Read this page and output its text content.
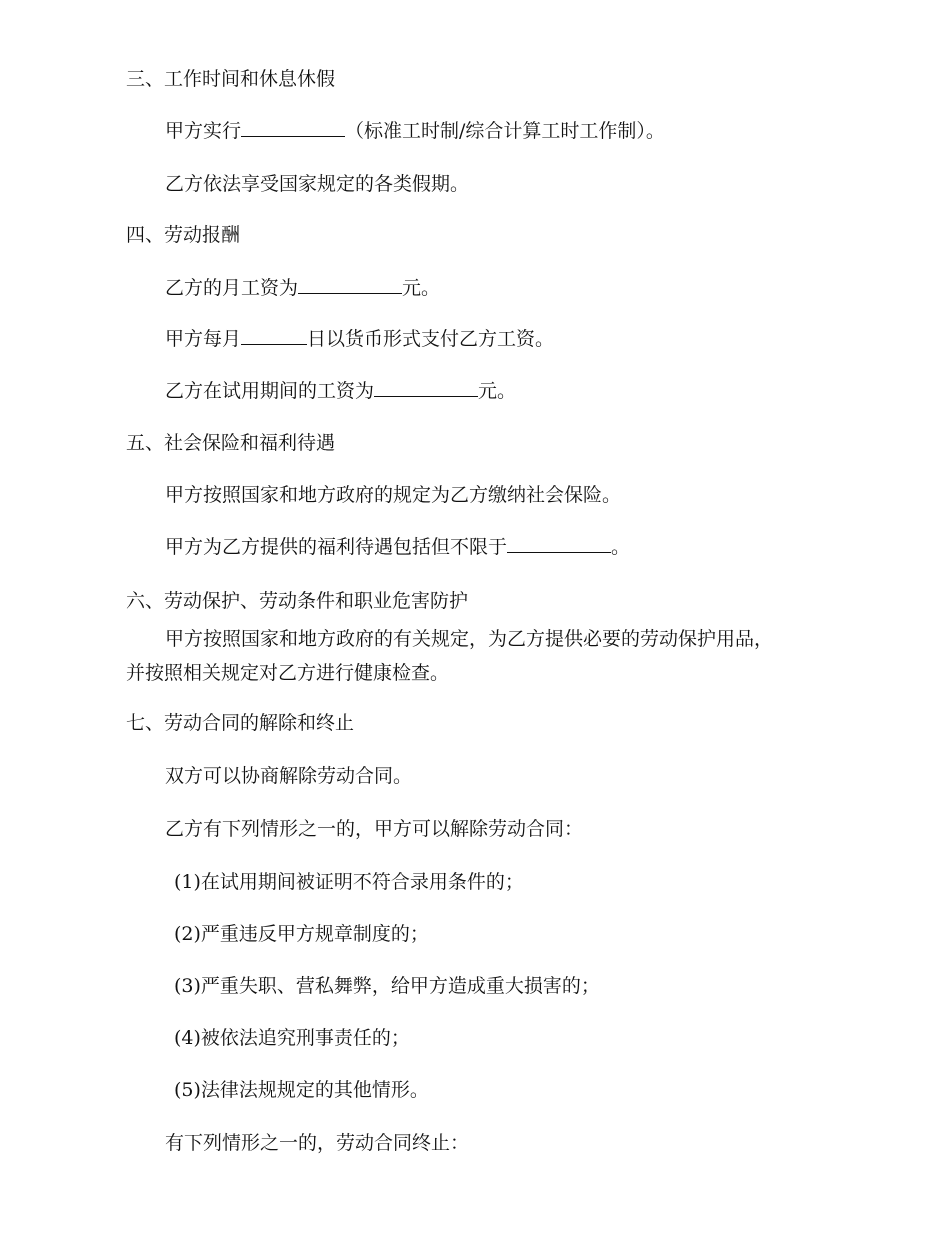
三、工作时间和休息休假
甲方实行	（标准工时制/综合计算工时工作制）。
乙方依法享受国家规定的各类假期。
四、劳动报酬
乙方的月工资为	元。
甲方每月	日以货币形式支付乙方工资。
乙方在试用期间的工资为	元。
五、社会保险和福利待遇
甲方按照国家和地方政府的规定为乙方缴纳社会保险。
甲方为乙方提供的福利待遇包括但不限于	。
六、劳动保护、劳动条件和职业危害防护
甲方按照国家和地方政府的有关规定，为乙方提供必要的劳动保护用品，
并按照相关规定对乙方进行健康检查。
七、劳动合同的解除和终止
双方可以协商解除劳动合同。
乙方有下列情形之一的，甲方可以解除劳动合同：
(1)在试用期间被证明不符合录用条件的；
(2)严重违反甲方规章制度的；
(3)严重失职、营私舞弊，给甲方造成重大损害的；
(4)被依法追究刑事责任的；
(5)法律法规规定的其他情形。
有下列情形之一的，劳动合同终止：
